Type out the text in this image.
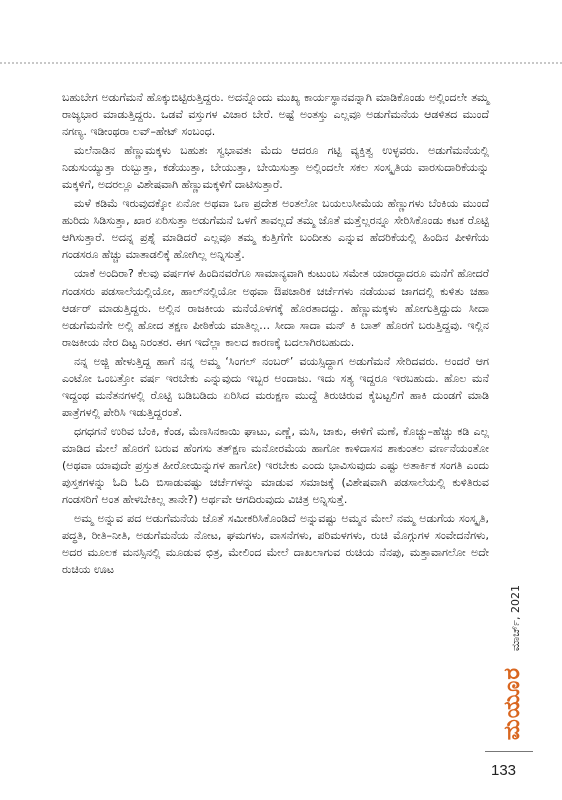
ಬಹುಬೇಗ ಅಡುಗೆಮನೆ ಹೊಕ್ಕುಬಿಟ್ಟಿರುತ್ತಿದ್ದರು. ಅದನ್ನೊಂದು ಮುಖ್ಯ ಕಾರ್ಯಸ್ಥಾನವನ್ನಾಗಿ ಮಾಡಿಕೊಂಡು ಅಲ್ಲಿಂದಲೇ ತಮ್ಮ ರಾಜ್ಯಭಾರ ಮಾಡುತ್ತಿದ್ದರು. ಒಡವೆ ವಸ್ತುಗಳ ವಿಚಾರ ಬೇರೆ. ಅಷ್ಟೆ ಅಂತಸ್ತು ಎಲ್ಲವೂ ಅಡುಗೆಮನೆಯ ಆಡಳಿತದ ಮುಂದೆ ನಗಣ್ಯ. ಇಡೀಂಥರಾ ಲವ್–ಹೇಟ್ ಸಂಬಂಧ.

ಮಲೆನಾಡಿನ ಹೆಣ್ಣುಮಕ್ಕಳು ಬಹುಶಃ ಸ್ವಭಾವತಃ ಮೆದು ಆದರೂ ಗಟ್ಟಿ ವ್ಯಕ್ತಿತ್ವ ಉಳ್ಳವರು. ಅಡುಗೆಮನೆಯಲ್ಲಿ ನಿಡುಸುಯ್ಯುತ್ತಾ ರುಬ್ಬುತ್ತಾ, ಕಡೆಯುತ್ತಾ, ಬೇಯುತ್ತಾ, ಬೇಯಿಸುತ್ತಾ ಅಲ್ಲಿಂದಲೇ ಸಕಲ ಸಂಸ್ಕೃತಿಯ ವಾರಸುದಾರಿಕೆಯನ್ನು ಮಕ್ಕಳಿಗೆ, ಅದರಲ್ಲೂ ವಿಶೇಷವಾಗಿ ಹೆಣ್ಣುಮಕ್ಕಳಿಗೆ ದಾಟಿಸುತ್ತಾರೆ.

ಮಳೆ ಕಡಿಮೆ ಇರುವುದಕ್ಕೋ ಏನೋ ಅಥವಾ ಒಣ ಪ್ರದೇಶ ಅಂತಲೋ ಬಯಲುಸೀಮೆಯ ಹೆಣ್ಣುಗಳು ಬೆಂಕಿಯ ಮುಂದೆ ಹುರಿದು ಸಿಡಿಸುತ್ತಾ, ಖಾರ ಏರಿಸುತ್ತಾ ಅಡುಗೆಮನೆ ಒಳಗೆ ತಾವಲ್ಲದೆ ತಮ್ಮ ಜೊತೆ ಮತ್ತೆಲ್ಲರನ್ನೂ ಸೇರಿಸಿಕೊಂಡು ಕಟಕ ರೊಟ್ಟಿ ಆಗಿಸುತ್ತಾರೆ. ಅದನ್ನ ಪ್ರಶ್ನೆ ಮಾಡಿದರೆ ಎಲ್ಲವೂ ತಮ್ಮ ಕುತ್ತಿಗೆಗೇ ಬಂದೀತು ಎನ್ನುವ ಹೆದರಿಕೆಯಲ್ಲಿ ಹಿಂದಿನ ಪೀಳಿಗೆಯ ಗಂಡಸರೂ ಹೆಚ್ಚು ಮಾತಾಡಲಿಕ್ಕೆ ಹೋಗಿಲ್ಲ ಅನ್ನಿಸುತ್ತೆ.

ಯಾಕೆ ಅಂದಿರಾ? ಕೆಲವು ವರ್ಷಗಳ ಹಿಂದಿನವರೆಗೂ ಸಾಮಾನ್ಯವಾಗಿ ಕುಟುಂಬ ಸಮೇತ ಯಾರದ್ದಾದರೂ ಮನೆಗೆ ಹೋದರೆ ಗಂಡಸರು ಪಡಸಾಲೆಯಲ್ಲಿಯೋ, ಹಾಲ್‌ನಲ್ಲಿಯೋ ಅಥವಾ ಔಪಚಾರಿಕ ಚರ್ಚೆಗಳು ನಡೆಯುವ ಜಾಗದಲ್ಲಿ ಕುಳಿತು ಚಹಾ ಆರ್ಡರ್ ಮಾಡುತ್ತಿದ್ದರು. ಅಲ್ಲಿನ ರಾಜಕೀಯ ಮನೆಯೊಳಗಕ್ಕೆ ಹೊರತಾದದ್ದು. ಹೆಣ್ಣುಮಕ್ಕಳು ಹೋಗುತ್ತಿದ್ದುದು ಸೀದಾ ಅಡುಗೆಮನೆಗೇ ಅಲ್ಲಿ ಹೋದ ತಕ್ಷಣ ಪೀಠಿಕೆಯ ಮಾತಿಲ್ಲ… ಸೀದಾ ಸಾದಾ ಮನ್ ಕಿ ಬಾತ್ ಹೊರಗೆ ಬರುತ್ತಿದ್ದವು. ಇಲ್ಲಿನ ರಾಜಕೀಯ ನೇರ ದಿಟ್ಟ ನಿರಂತರ. ಈಗ ಇದೆಲ್ಲಾ ಕಾಲದ ಕಾರಣಕ್ಕೆ ಬದಲಾಗಿರಬಹುದು.

ನನ್ನ ಅಜ್ಜಿ ಹೇಳುತ್ತಿದ್ದ ಹಾಗೆ ನನ್ನ ಅಮ್ಮ ‘ಸಿಂಗಲ್ ನಂಬರ್’ ವಯಸ್ಸಿದ್ದಾಗ ಅಡುಗೆಮನೆ ಸೇರಿದವರು. ಅಂದರೆ ಆಗ ಎಂಟೋ ಒಂಬತ್ತೋ ವರ್ಷ ಇರಬೇಕು ಎನ್ನುವುದು ಇಬ್ಬರ ಅಂದಾಜು. ಇದು ಸತ್ಯ ಇದ್ದರೂ ಇರಬಹುದು. ಹೊಲ ಮನೆ ಇದ್ದಂಥ ಮನೆತನಗಳಲ್ಲಿ ರೊಟ್ಟಿ ಬಡಿಬಡಿದು ಏರಿಸಿದ ಮರುಕ್ಷಣ ಮುದ್ದೆ ತಿರುಚಿರುವ ಕೈಬಟ್ಟಲಿಗೆ ಹಾಕಿ ದುಂಡಗೆ ಮಾಡಿ ಪಾತ್ರೆಗಳಲ್ಲಿ ಪೇರಿಸಿ ಇಡುತ್ತಿದ್ದರಂತೆ.

ಧಗಧಗನೆ ಉರಿವ ಬೆಂಕಿ, ಕೆಂಡ, ಮೆಣಸಿನಕಾಯಿ ಘಾಟು, ಎಣ್ಣೆ, ಮಸಿ, ಚಾಕು, ಈಳಿಗೆ ಮಣೆ, ಕೊಚ್ಚು–ಹೆಚ್ಚು ಕಡಿ ಎಲ್ಲ ಮಾಡಿದ ಮೇಲೆ ಹೊರಗೆ ಬರುವ ಹೆಂಗಸು ತತ್‌ಕ್ಷಣ ಮನೋರಮೆಯ ಹಾಗೋ ಕಾಳಿದಾಸನ ಶಾಕುಂತಲ ವರ್ಣನೆಯಂತೋ (ಅಥವಾ ಯಾವುದೇ ಪ್ರಸ್ತುತ ಹೀರೋಯಿನ್ನುಗಳ ಹಾಗೋ) ಇರಬೇಕು ಎಂದು ಭಾವಿಸುವುದು ಎಷ್ಟು ಅತಾರ್ಕಿಕ ಸಂಗತಿ ಎಂದು ಪುಸ್ತಕಗಳನ್ನು ಓದಿ ಓದಿ ಬಿಸಾಡುವಷ್ಟು ಚರ್ಚೆಗಳನ್ನು ಮಾಡುವ ಸಮಾಜಕ್ಕೆ (ವಿಶೇಷವಾಗಿ ಪಡಸಾಲೆಯಲ್ಲಿ ಕುಳಿತಿರುವ ಗಂಡಸರಿಗೆ ಅಂತ ಹೇಳಬೇಕಿಲ್ಲ ತಾನೇ?) ಅರ್ಥವೇ ಆಗದಿರುವುದು ವಿಚಿತ್ರ ಅನ್ನಿಸುತ್ತೆ.

ಅಮ್ಮ ಅನ್ನುವ ಪದ ಅಡುಗೆಮನೆಯ ಜೊತೆ ಸಮೀಕರಿಸಿಕೊಂಡಿದೆ ಅನ್ನುವಷ್ಟು ಅಮ್ಮನ ಮೇಲೆ ನಮ್ಮ ಅಡುಗೆಯ ಸಂಸ್ಕೃತಿ, ಪದ್ಧತಿ, ರೀತಿ–ನೀತಿ, ಅಡುಗೆಮನೆಯ ನೋಟ, ಘಮಗಳು, ವಾಸನೆಗಳು, ಪರಿಮಳಗಳು, ರುಚಿ ಮೊಗ್ಗುಗಳ ಸಂವೇದನೆಗಳು, ಅದರ ಮೂಲಕ ಮನಸ್ಸಿನಲ್ಲಿ ಮೂಡುವ ಛಿತ್ರ, ಮೇಲಿಂದ ಮೇಲೆ ದಾಖಲಾಗುವ ರುಚಿಯ ನೆನಪು, ಮತ್ತಾವಾಗಲೋ ಅದೇ ರುಚಿಯ ಊಟ

ಮಾರ್ಚ್, 2021
ಮಯೂರ
133
